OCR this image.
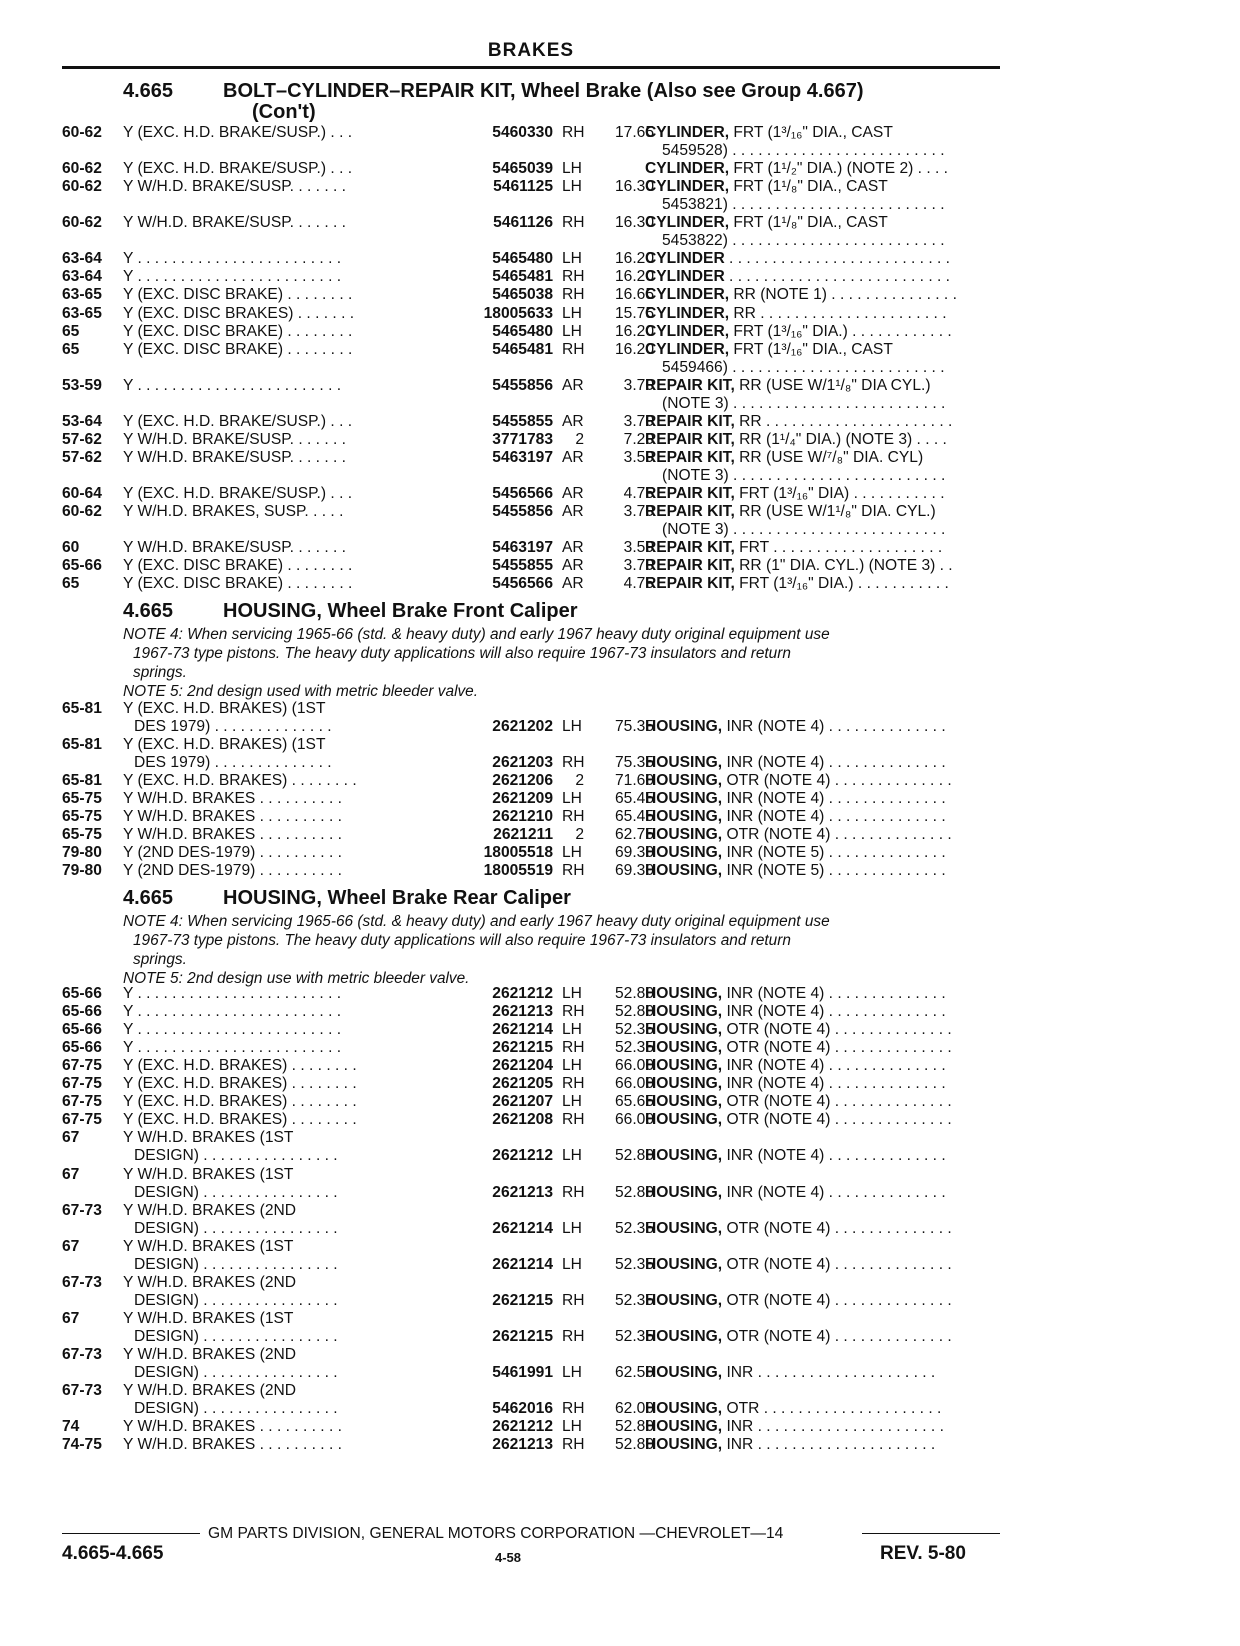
BRAKES
4.665 BOLT–CYLINDER–REPAIR KIT, Wheel Brake (Also see Group 4.667)
(Con't)
60-62 Y (EXC. H.D. BRAKE/SUSP.) . . .	5460330 RH	17.65
CYLINDER, FRT (1³/₁₆" DIA., CAST
5459528) . . . . . . . . . . . . . . . . . . . . . . . . .
60-62 Y (EXC. H.D. BRAKE/SUSP.) . . .	5465039 LH	CYLINDER, FRT (1¹/₂" DIA.) (NOTE 2) . . . .
60-62 Y W/H.D. BRAKE/SUSP. . . . . . .	5461125 LH	16.30
CYLINDER, FRT (1¹/₈" DIA., CAST
5453821) . . . . . . . . . . . . . . . . . . . . . . . . .
60-62 Y W/H.D. BRAKE/SUSP. . . . . . .	5461126 RH	16.30
CYLINDER, FRT (1¹/₈" DIA., CAST
5453822) . . . . . . . . . . . . . . . . . . . . . . . . .
63-64 Y . . . . . . . . . . . . . . . . . . . . . . . .	5465480 LH	16.20
CYLINDER . . . . . . . . . . . . . . . . . . . . . . . . . .
63-64 Y . . . . . . . . . . . . . . . . . . . . . . . .	5465481 RH	16.20
CYLINDER . . . . . . . . . . . . . . . . . . . . . . . . . .
63-65 Y (EXC. DISC BRAKE) . . . . . . . .	5465038 RH	16.65
CYLINDER, RR (NOTE 1) . . . . . . . . . . . . . . .
63-65 Y (EXC. DISC BRAKES) . . . . . . .	18005633 LH	15.75
CYLINDER, RR . . . . . . . . . . . . . . . . . . . . . .
65	Y (EXC. DISC BRAKE) . . . . . . . .	5465480 LH	16.20
CYLINDER, FRT (1³/₁₆" DIA.) . . . . . . . . . . . .
65	Y (EXC. DISC BRAKE) . . . . . . . .	5465481 RH	16.20
CYLINDER, FRT (1³/₁₆" DIA., CAST
5459466) . . . . . . . . . . . . . . . . . . . . . . . . .
53-59 Y . . . . . . . . . . . . . . . . . . . . . . . .	5455856 AR	3.70
REPAIR KIT, RR (USE W/1¹/₈" DIA CYL.)
(NOTE 3) . . . . . . . . . . . . . . . . . . . . . . . . .
53-64 Y (EXC. H.D. BRAKE/SUSP.) . . .	5455855 AR	3.70
REPAIR KIT, RR . . . . . . . . . . . . . . . . . . . . . .
57-62 Y W/H.D. BRAKE/SUSP. . . . . . .	3771783	2	7.20
REPAIR KIT, RR (1¹/₄" DIA.) (NOTE 3) . . . .
57-62 Y W/H.D. BRAKE/SUSP. . . . . . .	5463197 AR	3.59
REPAIR KIT, RR (USE W/⁷/₈" DIA. CYL)
(NOTE 3) . . . . . . . . . . . . . . . . . . . . . . . . .
60-64 Y (EXC. H.D. BRAKE/SUSP.) . . .	5456566 AR	4.75
REPAIR KIT, FRT (1³/₁₆" DIA) . . . . . . . . . . .
60-62 Y W/H.D. BRAKES, SUSP. . . . .	5455856 AR	3.70
REPAIR KIT, RR (USE W/1¹/₈" DIA. CYL.)
(NOTE 3) . . . . . . . . . . . . . . . . . . . . . . . . .
60	Y W/H.D. BRAKE/SUSP. . . . . . .	5463197 AR	3.59
REPAIR KIT, FRT . . . . . . . . . . . . . . . . . . . .
65-66 Y (EXC. DISC BRAKE) . . . . . . . .	5455855 AR	3.70
REPAIR KIT, RR (1" DIA. CYL.) (NOTE 3) . .
65	Y (EXC. DISC BRAKE) . . . . . . . .	5456566 AR	4.75
REPAIR KIT, FRT (1³/₁₆" DIA.) . . . . . . . . . . .
4.665 HOUSING, Wheel Brake Front Caliper
NOTE 4: When servicing 1965-66 (std. & heavy duty) and early 1967 heavy duty original equipment use
1967-73 type pistons. The heavy duty applications will also require 1967-73 insulators and return
springs.
NOTE 5: 2nd design used with metric bleeder valve.
65-81 Y (EXC. H.D. BRAKES) (1ST
DES 1979) . . . . . . . . . . . . . .	2621202 LH	75.35
HOUSING, INR (NOTE 4) . . . . . . . . . . . . . .
65-81 Y (EXC. H.D. BRAKES) (1ST
DES 1979) . . . . . . . . . . . . . .	2621203 RH	75.35
HOUSING, INR (NOTE 4) . . . . . . . . . . . . . .
65-81 Y (EXC. H.D. BRAKES) . . . . . . . .	2621206	2	71.60
HOUSING, OTR (NOTE 4) . . . . . . . . . . . . . .
65-75 Y W/H.D. BRAKES . . . . . . . . . .	2621209 LH	65.45
HOUSING, INR (NOTE 4) . . . . . . . . . . . . . .
65-75 Y W/H.D. BRAKES . . . . . . . . . .	2621210 RH	65.45
HOUSING, INR (NOTE 4) . . . . . . . . . . . . . .
65-75 Y W/H.D. BRAKES . . . . . . . . . .	2621211	2	62.75
HOUSING, OTR (NOTE 4) . . . . . . . . . . . . . .
79-80 Y (2ND DES-1979) . . . . . . . . . .	18005518 LH	69.30
HOUSING, INR (NOTE 5) . . . . . . . . . . . . . .
79-80 Y (2ND DES-1979) . . . . . . . . . .	18005519 RH	69.30
HOUSING, INR (NOTE 5) . . . . . . . . . . . . . .
4.665 HOUSING, Wheel Brake Rear Caliper
NOTE 4: When servicing 1965-66 (std. & heavy duty) and early 1967 heavy duty original equipment use
1967-73 type pistons. The heavy duty applications will also require 1967-73 insulators and return
springs.
NOTE 5: 2nd design use with metric bleeder valve.
65-66 Y . . . . . . . . . . . . . . . . . . . . . . . .	2621212 LH	52.80
HOUSING, INR (NOTE 4) . . . . . . . . . . . . . .
65-66 Y . . . . . . . . . . . . . . . . . . . . . . . .	2621213 RH	52.80
HOUSING, INR (NOTE 4) . . . . . . . . . . . . . .
65-66 Y . . . . . . . . . . . . . . . . . . . . . . . .	2621214 LH	52.35
HOUSING, OTR (NOTE 4) . . . . . . . . . . . . . .
65-66 Y . . . . . . . . . . . . . . . . . . . . . . . .	2621215 RH	52.35
HOUSING, OTR (NOTE 4) . . . . . . . . . . . . . .
67-75 Y (EXC. H.D. BRAKES) . . . . . . . .	2621204 LH	66.00
HOUSING, INR (NOTE 4) . . . . . . . . . . . . . .
67-75 Y (EXC. H.D. BRAKES) . . . . . . . .	2621205 RH	66.00
HOUSING, INR (NOTE 4) . . . . . . . . . . . . . .
67-75 Y (EXC. H.D. BRAKES) . . . . . . . .	2621207 LH	65.65
HOUSING, OTR (NOTE 4) . . . . . . . . . . . . . .
67-75 Y (EXC. H.D. BRAKES) . . . . . . . .	2621208 RH	66.00
HOUSING, OTR (NOTE 4) . . . . . . . . . . . . . .
67	Y W/H.D. BRAKES (1ST
DESIGN) . . . . . . . . . . . . . . . .	2621212 LH	52.80
HOUSING, INR (NOTE 4) . . . . . . . . . . . . . .
67	Y W/H.D. BRAKES (1ST
DESIGN) . . . . . . . . . . . . . . . .	2621213 RH	52.80
HOUSING, INR (NOTE 4) . . . . . . . . . . . . . .
67-73 Y W/H.D. BRAKES (2ND
DESIGN) . . . . . . . . . . . . . . . .	2621214 LH	52.35
HOUSING, OTR (NOTE 4) . . . . . . . . . . . . . .
67	Y W/H.D. BRAKES (1ST
DESIGN) . . . . . . . . . . . . . . . .	2621214 LH	52.35
HOUSING, OTR (NOTE 4) . . . . . . . . . . . . . .
67-73 Y W/H.D. BRAKES (2ND
DESIGN) . . . . . . . . . . . . . . . .	2621215 RH	52.35
HOUSING, OTR (NOTE 4) . . . . . . . . . . . . . .
67	Y W/H.D. BRAKES (1ST
DESIGN) . . . . . . . . . . . . . . . .	2621215 RH	52.35
HOUSING, OTR (NOTE 4) . . . . . . . . . . . . . .
67-73 Y W/H.D. BRAKES (2ND
DESIGN) . . . . . . . . . . . . . . . .	5461991 LH	62.50
HOUSING, INR . . . . . . . . . . . . . . . . . . . . .
67-73 Y W/H.D. BRAKES (2ND
DESIGN) . . . . . . . . . . . . . . . .	5462016 RH	62.00
HOUSING, OTR . . . . . . . . . . . . . . . . . . . . .
74	Y W/H.D. BRAKES . . . . . . . . . .	2621212 LH	52.80
HOUSING, INR . . . . . . . . . . . . . . . . . . . . . .
74-75 Y W/H.D. BRAKES . . . . . . . . . .	2621213 RH	52.80
HOUSING, INR . . . . . . . . . . . . . . . . . . . . .
GM PARTS DIVISION, GENERAL MOTORS CORPORATION —CHEVROLET—14
4.665-4.665	4-58	REV. 5-80
